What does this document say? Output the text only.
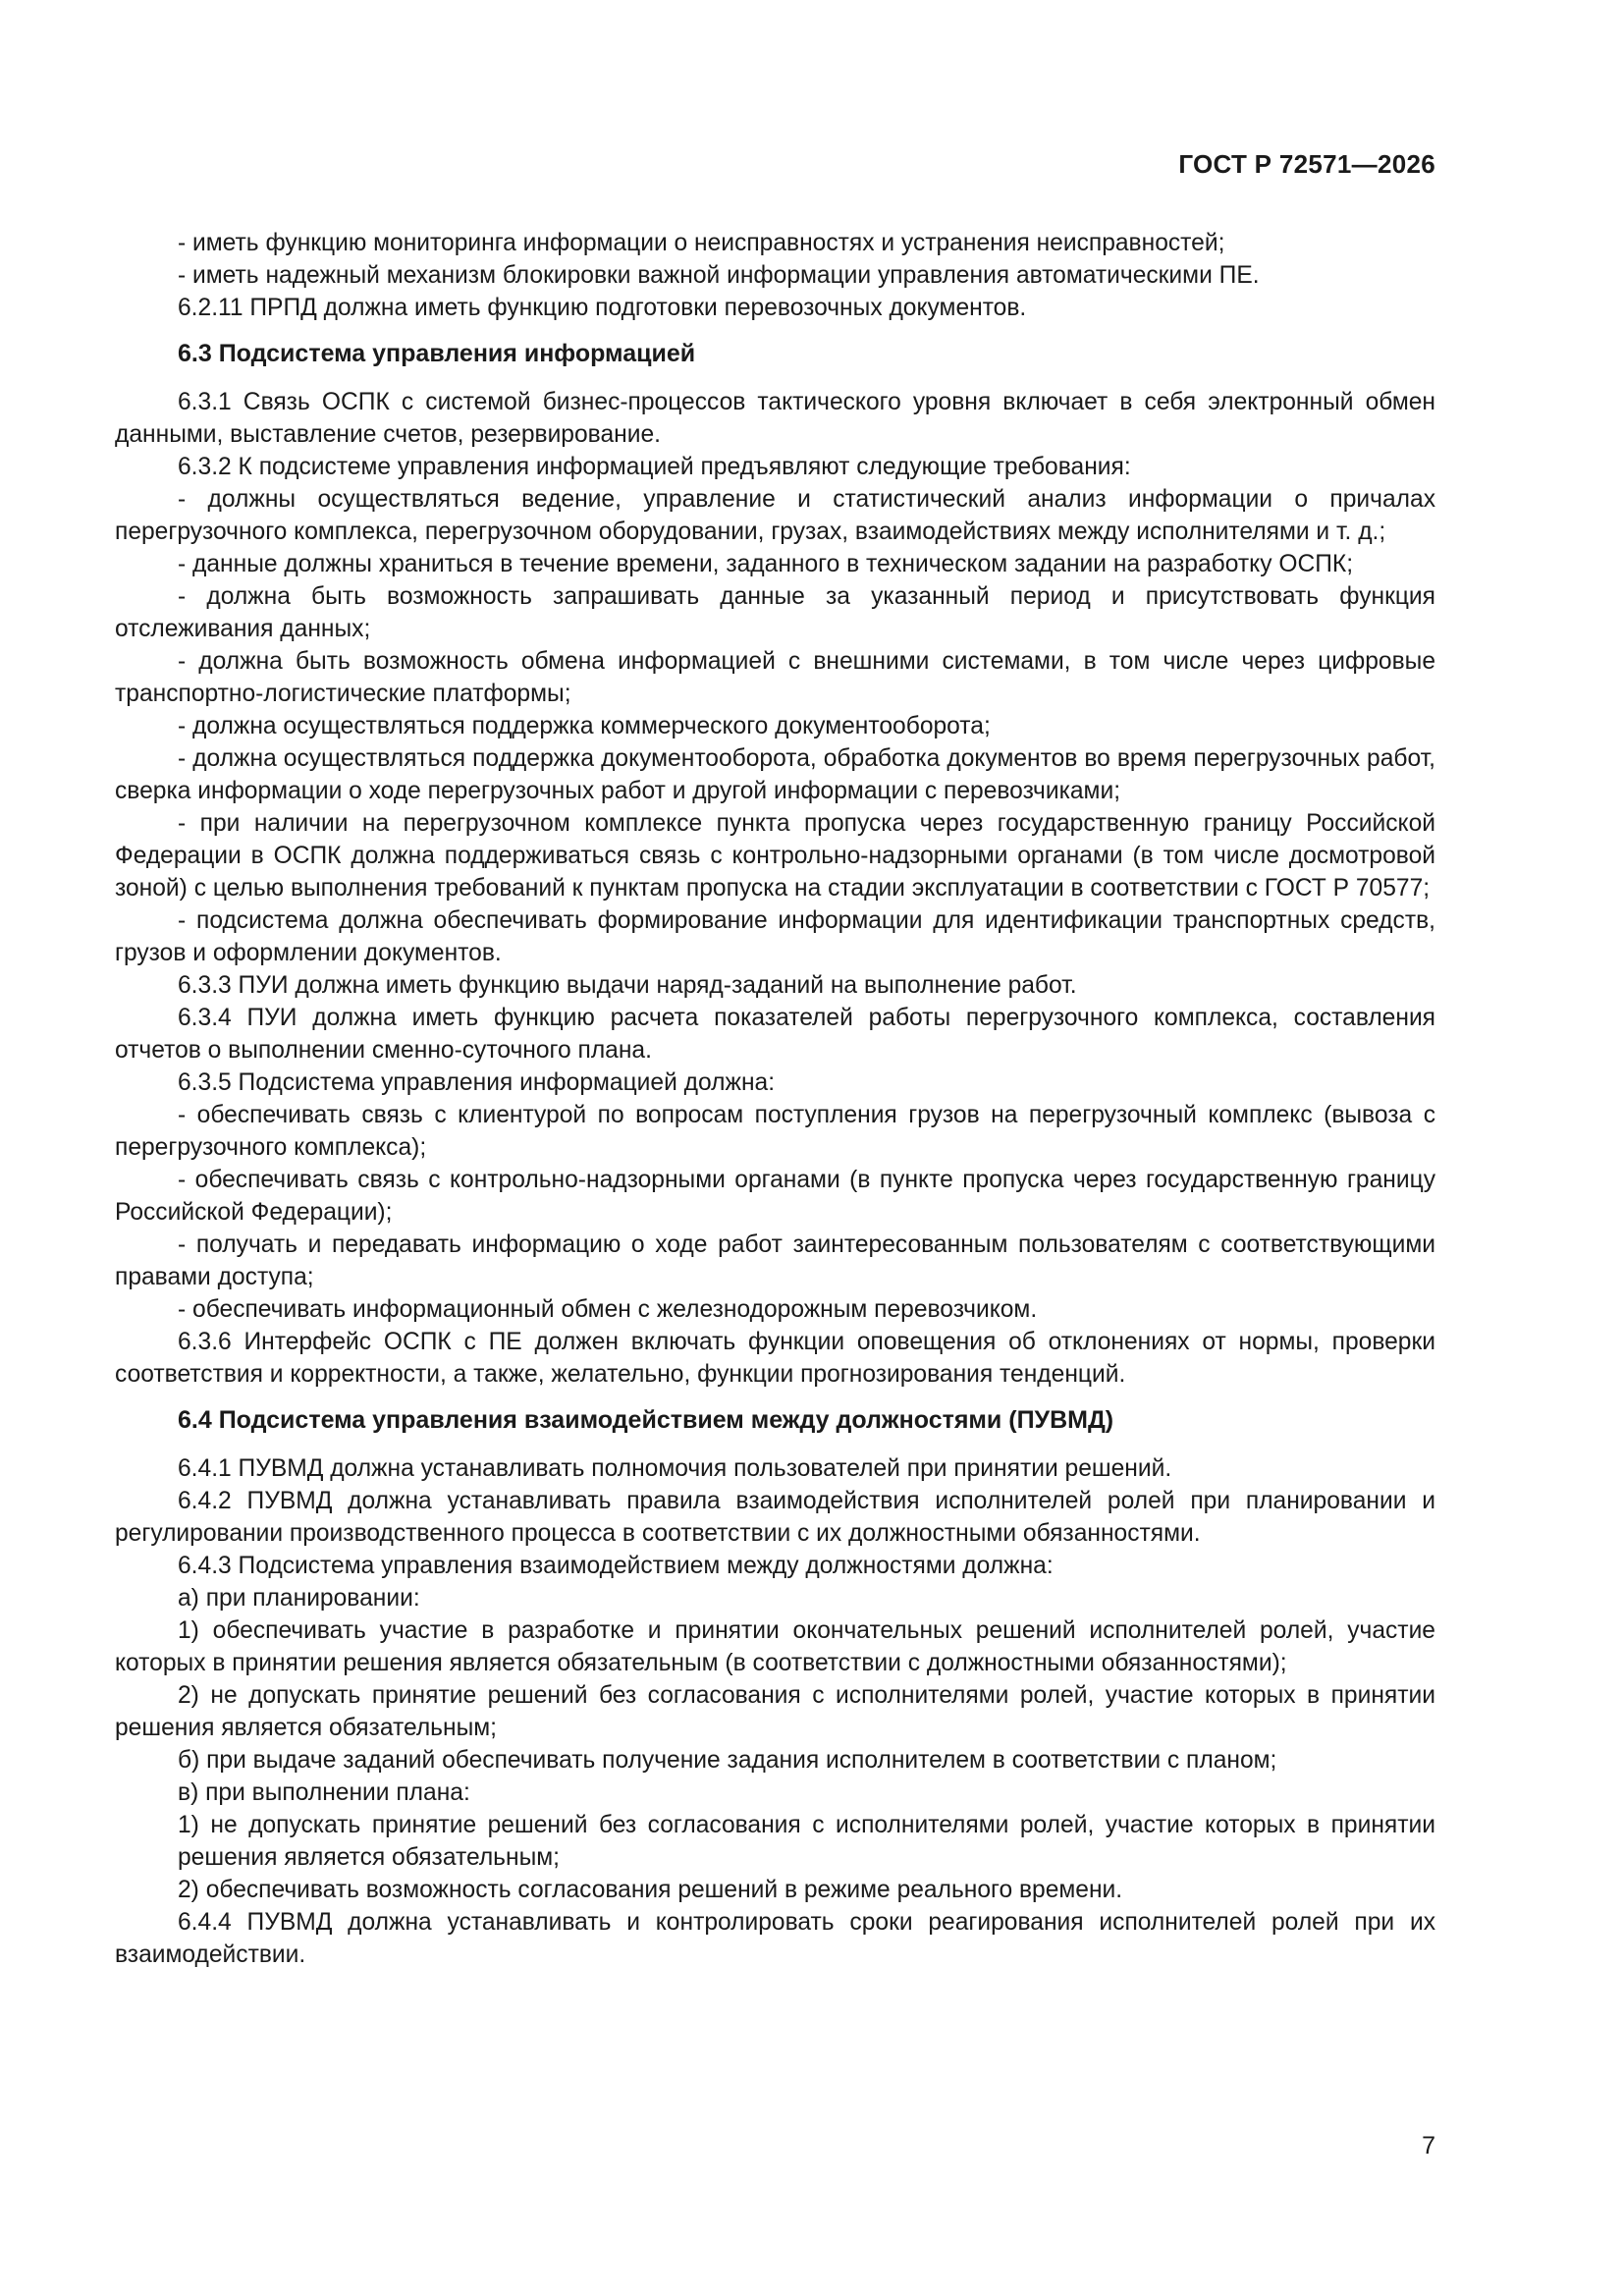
ГОСТ Р 72571—2026

- иметь функцию мониторинга информации о неисправностях и устранения неисправностей;

- иметь надежный механизм блокировки важной информации управления автоматическими ПЕ.

6.2.11 ПРПД должна иметь функцию подготовки перевозочных документов.

6.3 Подсистема управления информацией

6.3.1 Связь ОСПК с системой бизнес-процессов тактического уровня включает в себя электронный обмен данными, выставление счетов, резервирование.

6.3.2 К подсистеме управления информацией предъявляют следующие требования:

- должны осуществляться ведение, управление и статистический анализ информации о причалах перегрузочного комплекса, перегрузочном оборудовании, грузах, взаимодействиях между исполнителями и т. д.;

- данные должны храниться в течение времени, заданного в техническом задании на разработку ОСПК;

- должна быть возможность запрашивать данные за указанный период и присутствовать функция отслеживания данных;

- должна быть возможность обмена информацией с внешними системами, в том числе через цифровые транспортно-логистические платформы;

- должна осуществляться поддержка коммерческого документооборота;

- должна осуществляться поддержка документооборота, обработка документов во время перегрузочных работ, сверка информации о ходе перегрузочных работ и другой информации с перевозчиками;

- при наличии на перегрузочном комплексе пункта пропуска через государственную границу Российской Федерации в ОСПК должна поддерживаться связь с контрольно-надзорными органами (в том числе досмотровой зоной) с целью выполнения требований к пунктам пропуска на стадии эксплуатации в соответствии с ГОСТ Р 70577;

- подсистема должна обеспечивать формирование информации для идентификации транспортных средств, грузов и оформлении документов.

6.3.3 ПУИ должна иметь функцию выдачи наряд-заданий на выполнение работ.

6.3.4 ПУИ должна иметь функцию расчета показателей работы перегрузочного комплекса, составления отчетов о выполнении сменно-суточного плана.

6.3.5 Подсистема управления информацией должна:

- обеспечивать связь с клиентурой по вопросам поступления грузов на перегрузочный комплекс (вывоза с перегрузочного комплекса);

- обеспечивать связь с контрольно-надзорными органами (в пункте пропуска через государственную границу Российской Федерации);

- получать и передавать информацию о ходе работ заинтересованным пользователям с соответствующими правами доступа;

- обеспечивать информационный обмен с железнодорожным перевозчиком.

6.3.6 Интерфейс ОСПК с ПЕ должен включать функции оповещения об отклонениях от нормы, проверки соответствия и корректности, а также, желательно, функции прогнозирования тенденций.

6.4 Подсистема управления взаимодействием между должностями (ПУВМД)

6.4.1 ПУВМД должна устанавливать полномочия пользователей при принятии решений.

6.4.2 ПУВМД должна устанавливать правила взаимодействия исполнителей ролей при планировании и регулировании производственного процесса в соответствии с их должностными обязанностями.

6.4.3 Подсистема управления взаимодействием между должностями должна:

а) при планировании:

1) обеспечивать участие в разработке и принятии окончательных решений исполнителей ролей, участие которых в принятии решения является обязательным (в соответствии с должностными обязанностями);

2) не допускать принятие решений без согласования с исполнителями ролей, участие которых в принятии решения является обязательным;

б) при выдаче заданий обеспечивать получение задания исполнителем в соответствии с планом;

в) при выполнении плана:

1) не допускать принятие решений без согласования с исполнителями ролей, участие которых в принятии решения является обязательным;

2) обеспечивать возможность согласования решений в режиме реального времени.

6.4.4 ПУВМД должна устанавливать и контролировать сроки реагирования исполнителей ролей при их взаимодействии.

7
